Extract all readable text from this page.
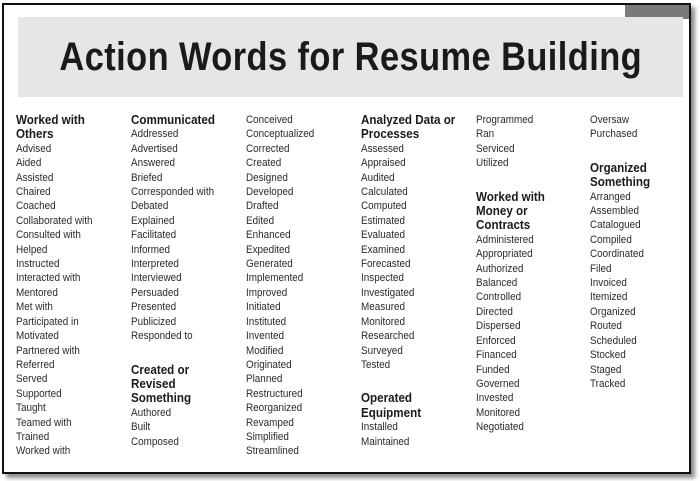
Action Words for Resume Building
Worked with
Others
Advised
Aided
Assisted
Chaired
Coached
Collaborated with
Consulted with
Helped
Instructed
Interacted with
Mentored
Met with
Participated in
Motivated
Partnered with
Referred
Served
Supported
Taught
Teamed with
Trained
Worked with
Communicated
Addressed
Advertised
Answered
Briefed
Corresponded with
Debated
Explained
Facilitated
Informed
Interpreted
Interviewed
Persuaded
Presented
Publicized
Responded to
Created or
Revised
Something
Authored
Built
Composed
Conceived
Conceptualized
Corrected
Created
Designed
Developed
Drafted
Edited
Enhanced
Expedited
Generated
Implemented
Improved
Initiated
Instituted
Invented
Modified
Originated
Planned
Restructured
Reorganized
Revamped
Simplified
Streamlined
Analyzed Data or
Processes
Assessed
Appraised
Audited
Calculated
Computed
Estimated
Evaluated
Examined
Forecasted
Inspected
Investigated
Measured
Monitored
Researched
Surveyed
Tested
Operated
Equipment
Installed
Maintained
Programmed
Ran
Serviced
Utilized
Worked with
Money or
Contracts
Administered
Appropriated
Authorized
Balanced
Controlled
Directed
Dispersed
Enforced
Financed
Funded
Governed
Invested
Monitored
Negotiated
Oversaw
Purchased
Organized
Something
Arranged
Assembled
Catalogued
Compiled
Coordinated
Filed
Invoiced
Itemized
Organized
Routed
Scheduled
Stocked
Staged
Tracked
